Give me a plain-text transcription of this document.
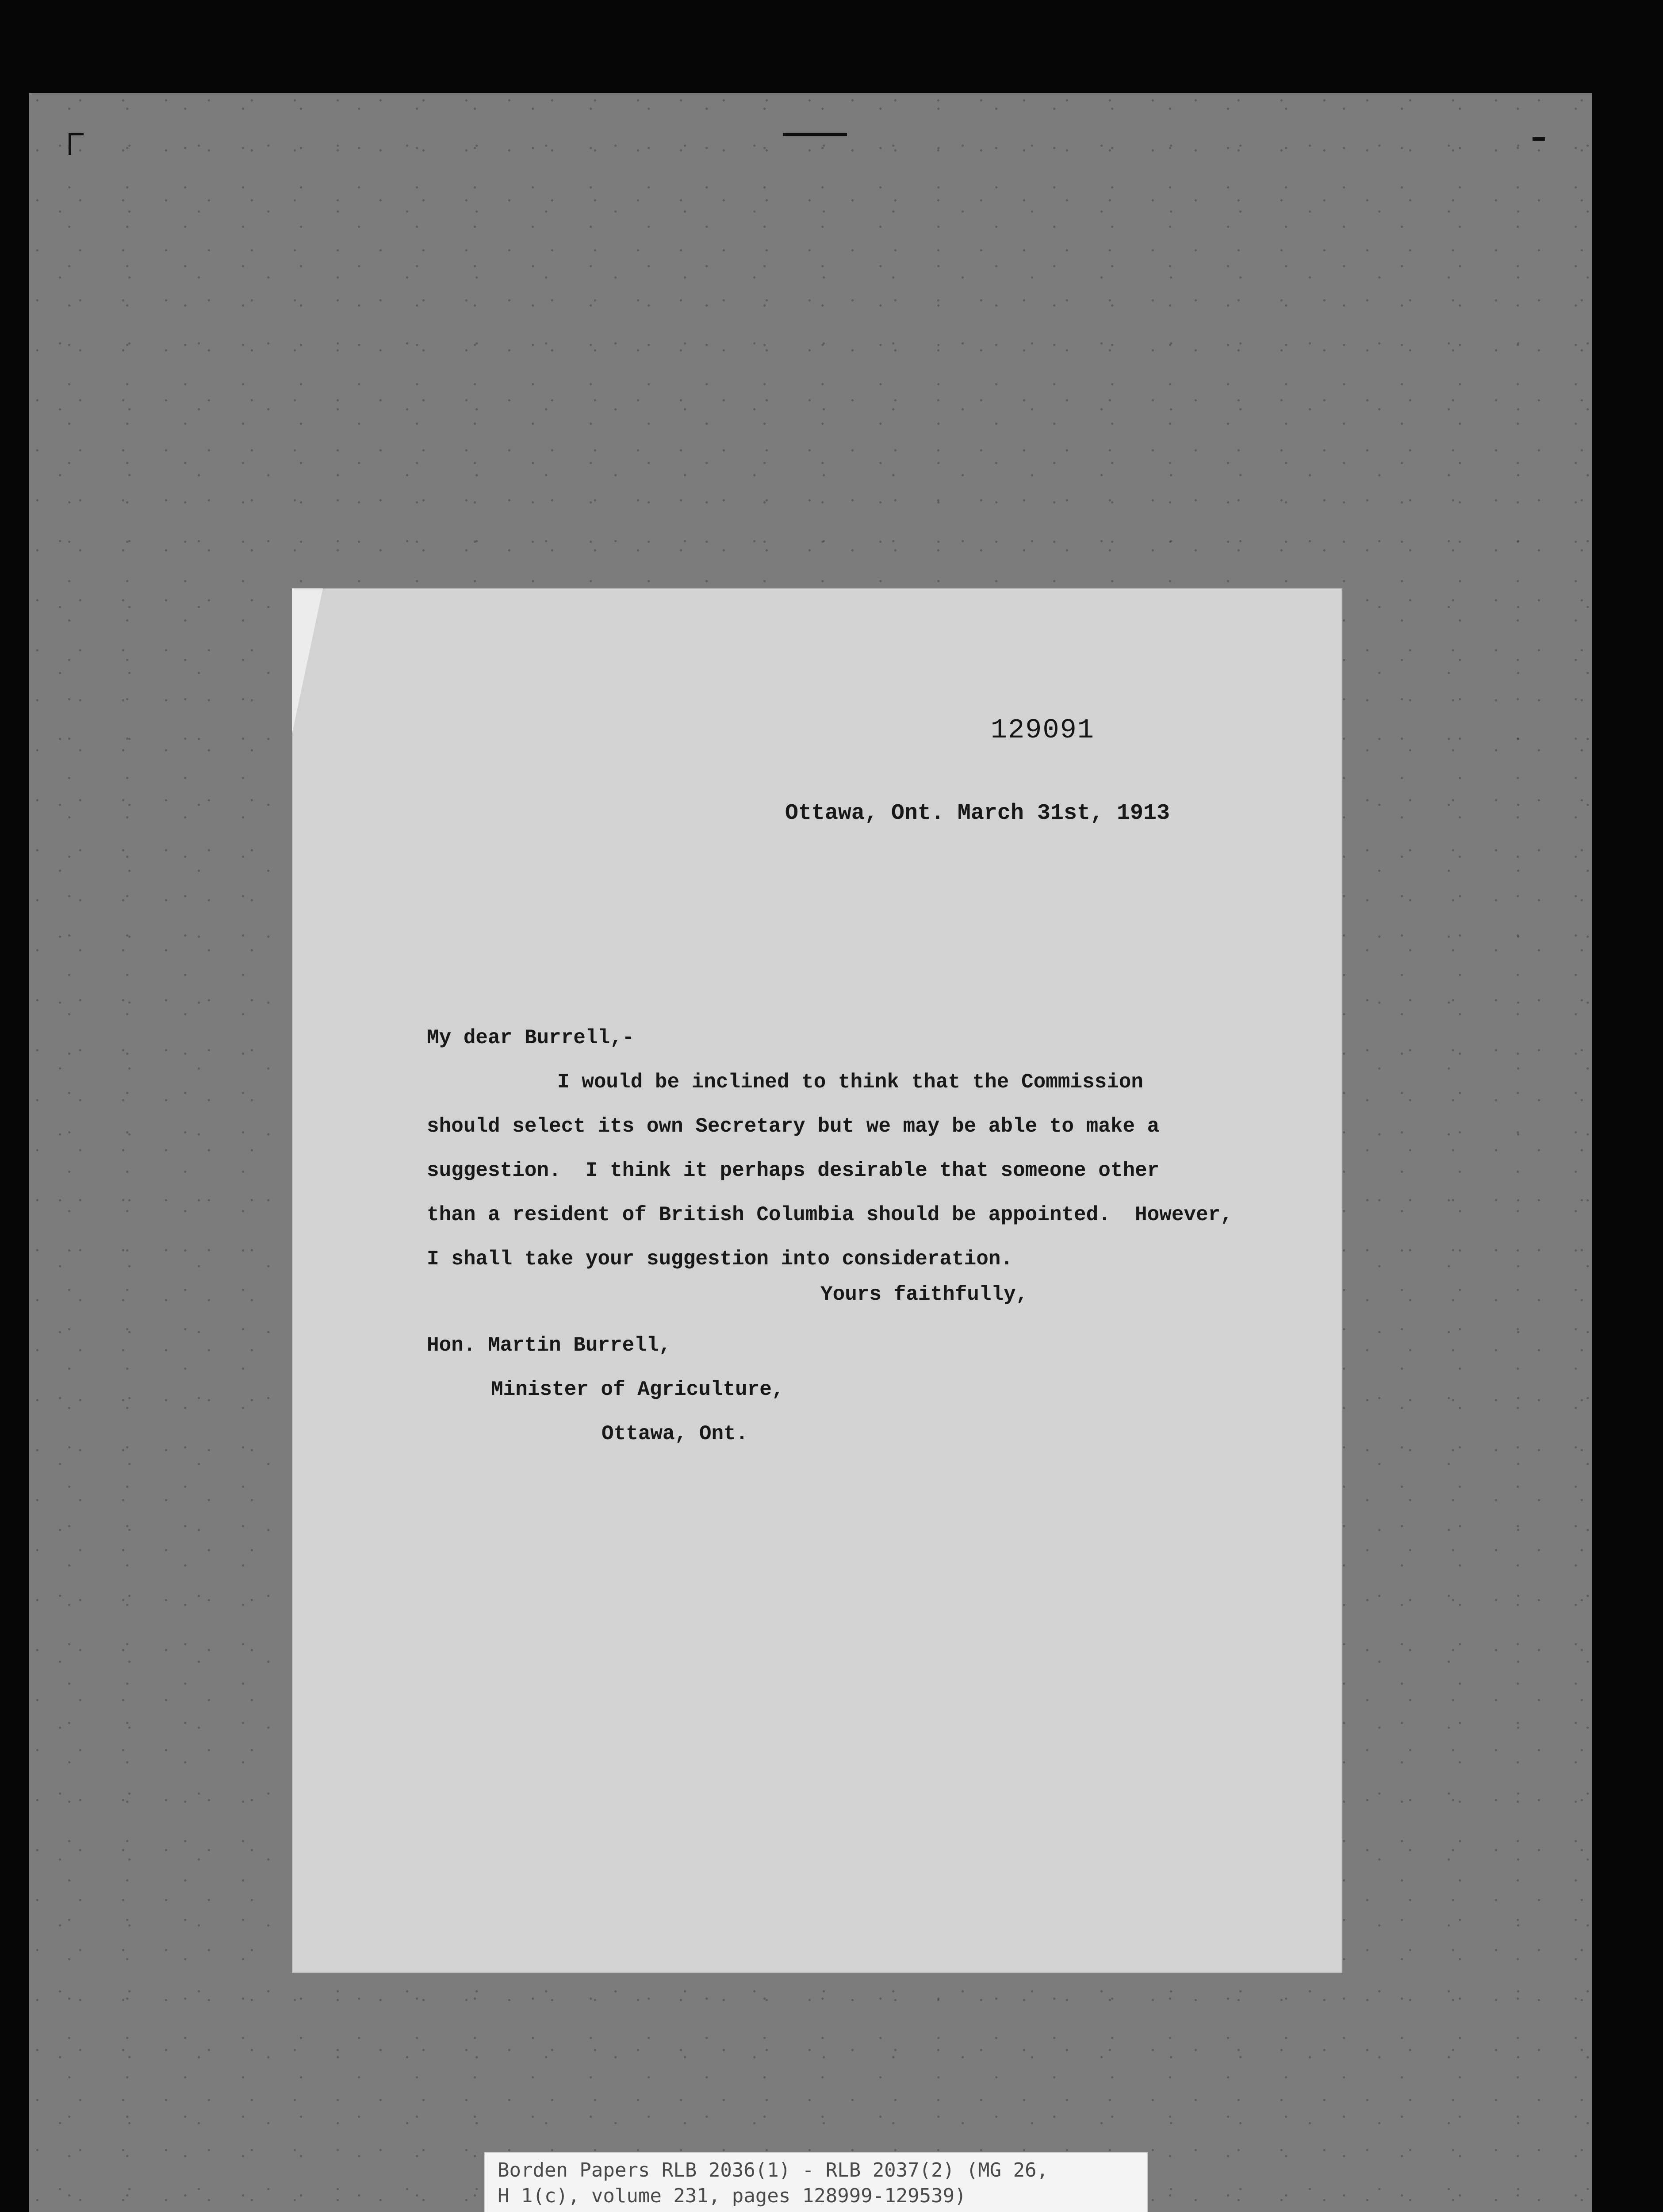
129091
Ottawa, Ont. March 31st, 1913
My dear Burrell,-
I would be inclined to think that the Commission
should select its own Secretary but we may be able to make a
suggestion.  I think it perhaps desirable that someone other
than a resident of British Columbia should be appointed.  However,
I shall take your suggestion into consideration.
Yours faithfully,
Hon. Martin Burrell,
Minister of Agriculture,
Ottawa, Ont.
Borden Papers RLB 2036(1) - RLB 2037(2) (MG 26,
H 1(c), volume 231, pages 128999-129539)
